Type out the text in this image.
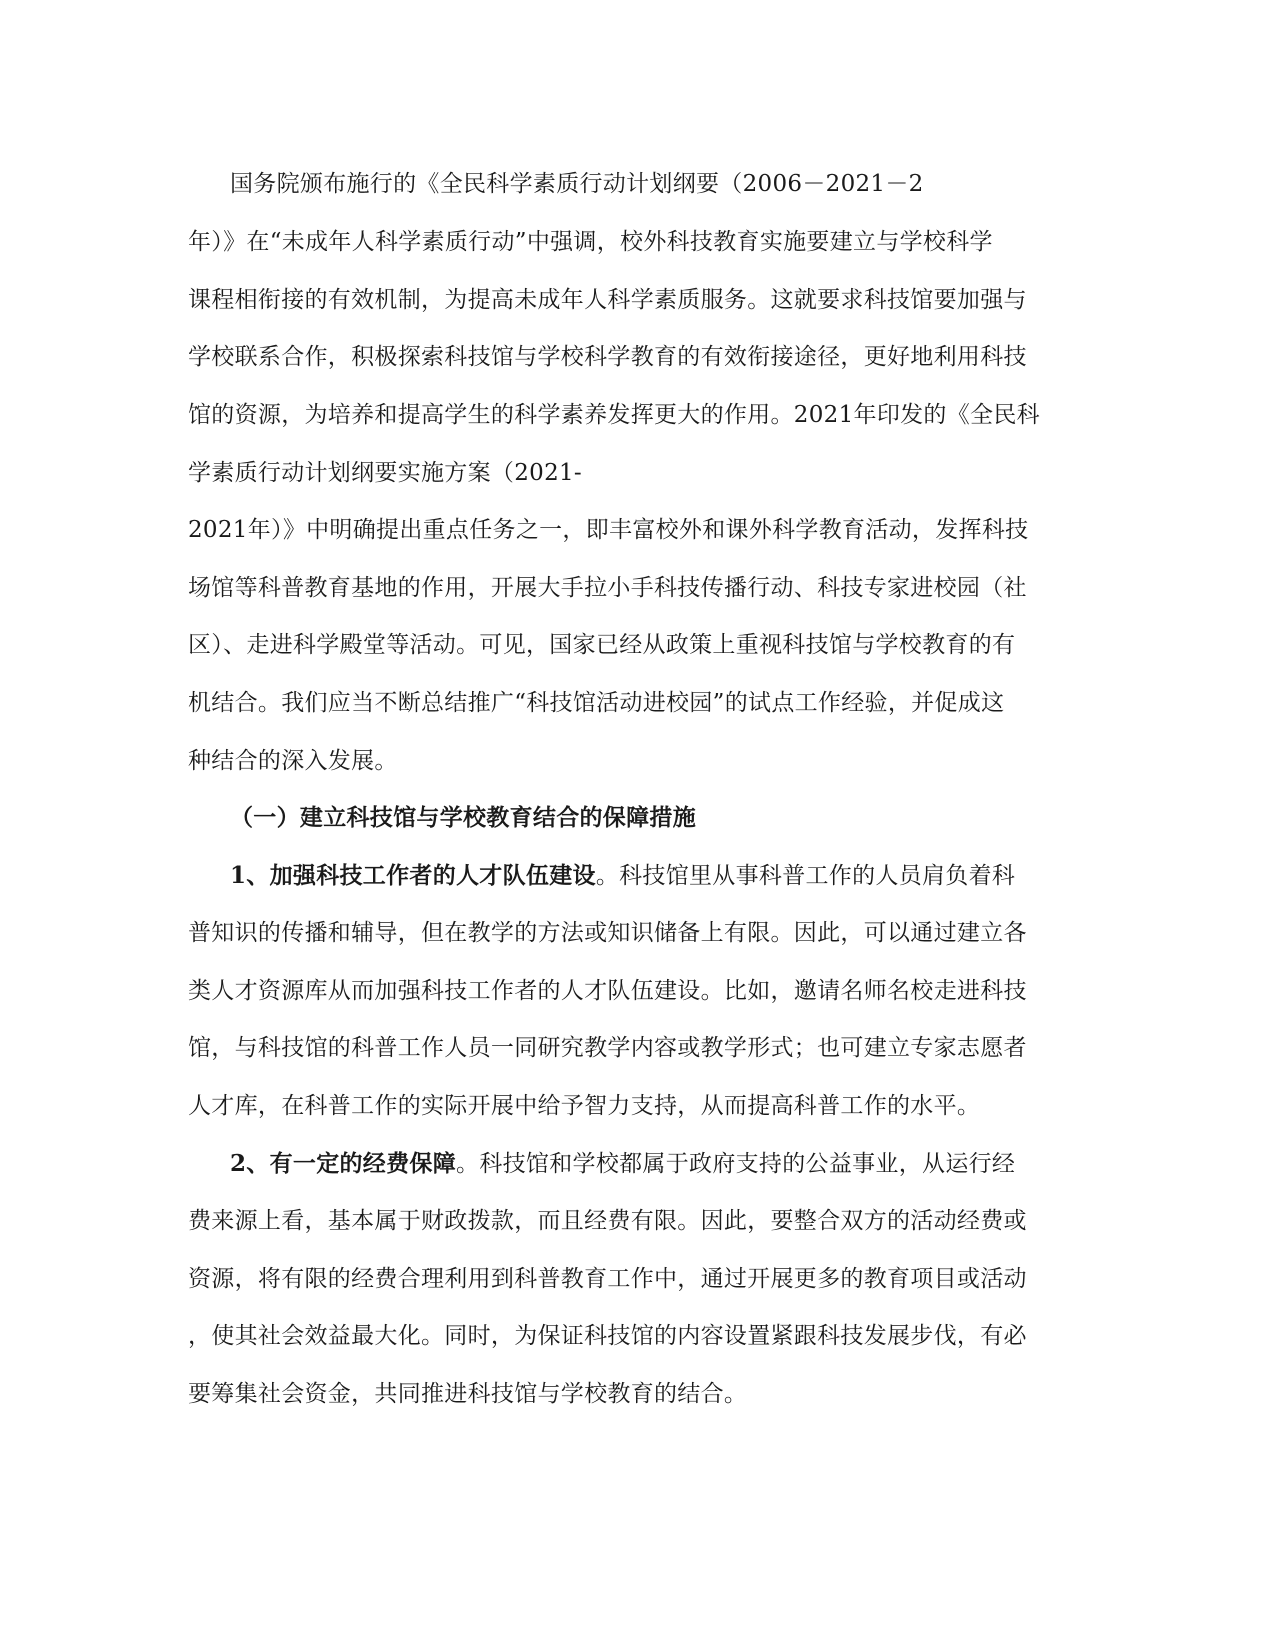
国务院颁布施行的《全民科学素质行动计划纲要（2006－2021－2
年）》在“未成年人科学素质行动”中强调，校外科技教育实施要建立与学校科学
课程相衔接的有效机制，为提高未成年人科学素质服务。这就要求科技馆要加强与
学校联系合作，积极探索科技馆与学校科学教育的有效衔接途径，更好地利用科技
馆的资源，为培养和提高学生的科学素养发挥更大的作用。2021年印发的《全民科
学素质行动计划纲要实施方案（2021-
2021年）》中明确提出重点任务之一，即丰富校外和课外科学教育活动，发挥科技
场馆等科普教育基地的作用，开展大手拉小手科技传播行动、科技专家进校园（社
区）、走进科学殿堂等活动。可见，国家已经从政策上重视科技馆与学校教育的有
机结合。我们应当不断总结推广“科技馆活动进校园”的试点工作经验，并促成这
种结合的深入发展。
（一）建立科技馆与学校教育结合的保障措施
1、加强科技工作者的人才队伍建设。科技馆里从事科普工作的人员肩负着科
普知识的传播和辅导，但在教学的方法或知识储备上有限。因此，可以通过建立各
类人才资源库从而加强科技工作者的人才队伍建设。比如，邀请名师名校走进科技
馆，与科技馆的科普工作人员一同研究教学内容或教学形式；也可建立专家志愿者
人才库，在科普工作的实际开展中给予智力支持，从而提高科普工作的水平。
2、有一定的经费保障。科技馆和学校都属于政府支持的公益事业，从运行经
费来源上看，基本属于财政拨款，而且经费有限。因此，要整合双方的活动经费或
资源，将有限的经费合理利用到科普教育工作中，通过开展更多的教育项目或活动
，使其社会效益最大化。同时，为保证科技馆的内容设置紧跟科技发展步伐，有必
要筹集社会资金，共同推进科技馆与学校教育的结合。
